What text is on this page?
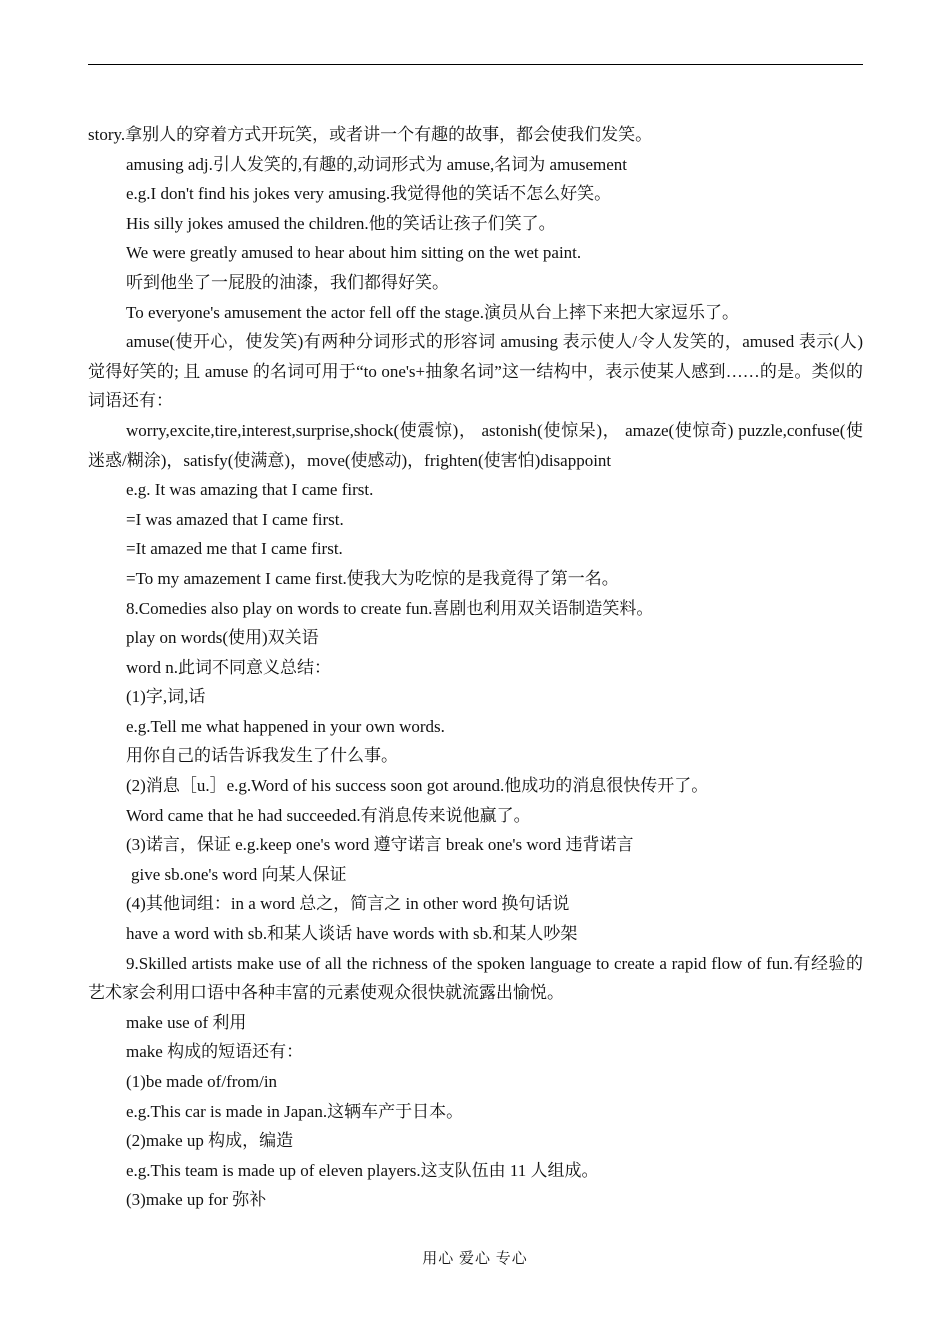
story.拿别人的穿着方式开玩笑，或者讲一个有趣的故事，都会使我们发笑。

amusing adj.引人发笑的,有趣的,动词形式为 amuse,名词为 amusement

e.g.I don't find his jokes very amusing.我觉得他的笑话不怎么好笑。

His silly jokes amused the children.他的笑话让孩子们笑了。

We were greatly amused to hear about him sitting on the wet paint.

听到他坐了一屁股的油漆，我们都得好笑。

To everyone's amusement the actor fell off the stage.演员从台上摔下来把大家逗乐了。

amuse(使开心，使发笑)有两种分词形式的形容词 amusing 表示使人/令人发笑的，amused 表示(人)觉得好笑的; 且 amuse 的名词可用于“to one's+抽象名词”这一结构中，表示使某人感到……的是。类似的词语还有：

worry,excite,tire,interest,surprise,shock(使震惊)， astonish(使惊呆)， amaze(使惊奇) puzzle,confuse(使迷惑/糊涂)，satisfy(使满意)，move(使感动)，frighten(使害怕)disappoint

e.g. It was amazing that I came first.

=I was amazed that I came first.

=It amazed me that I came first.

=To my amazement I came first.使我大为吃惊的是我竟得了第一名。

8.Comedies also play on words to create fun.喜剧也利用双关语制造笑料。

play on words(使用)双关语

word n.此词不同意义总结：

(1)字,词,话

e.g.Tell me what happened in your own words.

用你自己的话告诉我发生了什么事。

(2)消息［u.］e.g.Word of his success soon got around.他成功的消息很快传开了。

Word came that he had succeeded.有消息传来说他赢了。

(3)诺言，保证 e.g.keep one's word 遵守诺言 break one's word 违背诺言

give sb.one's word 向某人保证

(4)其他词组：in a word 总之，简言之 in other word 换句话说

have a word with sb.和某人谈话 have words with sb.和某人吵架

9.Skilled artists make use of all the richness of the spoken language to create a rapid flow of fun.有经验的艺术家会利用口语中各种丰富的元素使观众很快就流露出愉悦。

make use of 利用

make 构成的短语还有：

(1)be made of/from/in

e.g.This car is made in Japan.这辆车产于日本。

(2)make up 构成，编造

e.g.This team is made up of eleven players.这支队伍由 11 人组成。

(3)make up for 弥补

用心 爱心 专心
